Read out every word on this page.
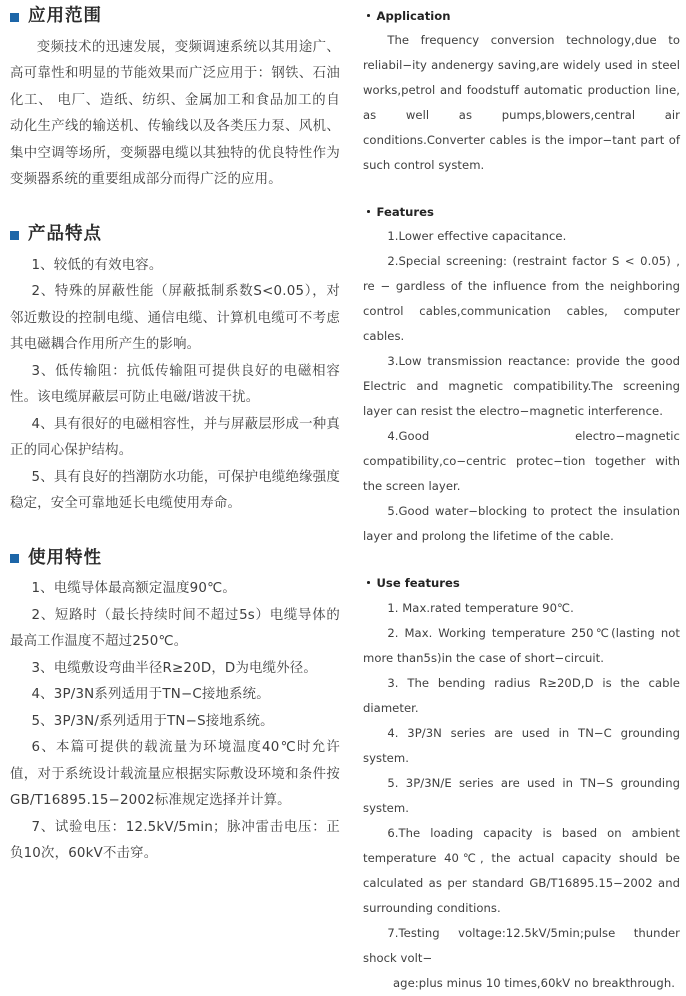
应用范围

变频技术的迅速发展，变频调速系统以其用途广、高可靠性和明显的节能效果而广泛应用于：钢铁、石油化工、 电厂、造纸、纺织、金属加工和食品加工的自动化生产线的输送机、传输线以及各类压力泵、风机、集中空调等场所，变频器电缆以其独特的优良特性作为变频器系统的重要组成部分而得广泛的应用。

产品特点

1、较低的有效电容。

2、特殊的屏蔽性能（屏蔽抵制系数S<0.05），对邻近敷设的控制电缆、通信电缆、计算机电缆可不考虑其电磁耦合作用所产生的影响。

3、低传输阻：抗低传输阻可提供良好的电磁相容性。该电缆屏蔽层可防止电磁/谐波干扰。

4、具有很好的电磁相容性，并与屏蔽层形成一种真正的同心保护结构。

5、具有良好的挡潮防水功能，可保护电缆绝缘强度稳定，安全可靠地延长电缆使用寿命。

使用特性

1、电缆导体最高额定温度90℃。

2、短路时（最长持续时间不超过5s）电缆导体的最高工作温度不超过250℃。

3、电缆敷设弯曲半径R≥20D，D为电缆外径。

4、3P/3N系列适用于TN−C接地系统。

5、3P/3N/系列适用于TN−S接地系统。

6、本篇可提供的载流量为环境温度40℃时允许值，对于系统设计载流量应根据实际敷设环境和条件按GB/T16895.15−2002标准规定选择并计算。

7、试验电压：12.5kV/5min；脉冲雷击电压：正负10次，60kV不击穿。

Application

The frequency conversion technology,due to reliabil−ity andenergy saving,are widely used in steel works,petrol and foodstuff automatic production line, as well as pumps,blowers,central air conditions.Converter cables is the impor−tant part of such control system.

Features

1.Lower effective capacitance.

2.Special screening: (restraint factor S < 0.05) , re − gardless of the influence from the neighboring control cables,communication cables, computer cables.

3.Low transmission reactance: provide the good Electric and magnetic compatibility.The screening layer can resist the electro−magnetic interference.

4.Good electro−magnetic compatibility,co−centric protec−tion together with the screen layer.

5.Good water−blocking to protect the insulation layer and prolong the lifetime of the cable.

Use features

1. Max.rated temperature 90℃.

2. Max. Working temperature 250℃(lasting not more than5s)in the case of short−circuit.

3. The bending radius R≥20D,D is the cable diameter.

4. 3P/3N series are used in TN−C grounding system.

5. 3P/3N/E series are used in TN−S grounding system.

6.The loading capacity is based on ambient temperature 40℃, the actual capacity should be calculated as per standard GB/T16895.15−2002 and surrounding conditions.

7.Testing voltage:12.5kV/5min;pulse thunder shock volt−

age:plus minus 10 times,60kV no breakthrough.
